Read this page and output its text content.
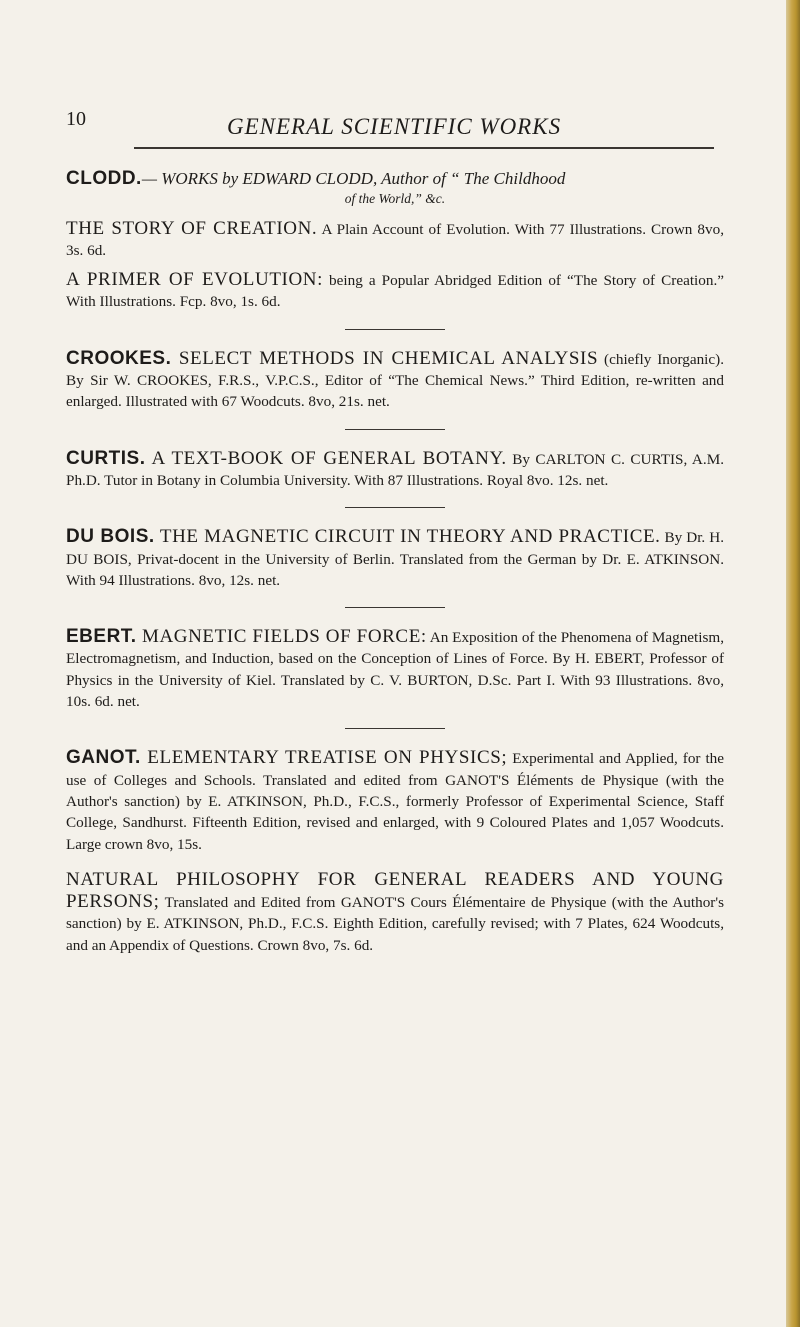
10	GENERAL SCIENTIFIC WORKS

CLODD.— WORKS by EDWARD CLODD, Author of “ The Childhood

of the World,” &c.

THE STORY OF CREATION. A Plain Account of Evolution. With 77 Illustrations. Crown 8vo, 3s. 6d.

A PRIMER OF EVOLUTION: being a Popular Abridged Edition of “The Story of Creation.” With Illustrations. Fcp. 8vo, 1s. 6d.

CROOKES. SELECT METHODS IN CHEMICAL ANALYSIS (chiefly Inorganic). By Sir W. CROOKES, F.R.S., V.P.C.S., Editor of “The Chemical News.” Third Edition, re-written and enlarged. Illustrated with 67 Woodcuts. 8vo, 21s. net.

CURTIS. A TEXT-BOOK OF GENERAL BOTANY. By CARLTON C. CURTIS, A.M. Ph.D. Tutor in Botany in Columbia University. With 87 Illustrations. Royal 8vo. 12s. net.

DU BOIS. THE MAGNETIC CIRCUIT IN THEORY AND PRACTICE. By Dr. H. DU BOIS, Privat-docent in the University of Berlin. Translated from the German by Dr. E. ATKINSON. With 94 Illustrations. 8vo, 12s. net.

EBERT. MAGNETIC FIELDS OF FORCE: An Exposition of the Phenomena of Magnetism, Electromagnetism, and Induction, based on the Conception of Lines of Force. By H. EBERT, Professor of Physics in the University of Kiel. Translated by C. V. BURTON, D.Sc. Part I. With 93 Illustrations. 8vo, 10s. 6d. net.

GANOT. ELEMENTARY TREATISE ON PHYSICS; Experimental and Applied, for the use of Colleges and Schools. Translated and edited from GANOT'S Éléments de Physique (with the Author's sanction) by E. ATKINSON, Ph.D., F.C.S., formerly Professor of Experimental Science, Staff College, Sandhurst. Fifteenth Edition, revised and enlarged, with 9 Coloured Plates and 1,057 Woodcuts. Large crown 8vo, 15s.

NATURAL PHILOSOPHY FOR GENERAL READERS AND YOUNG PERSONS; Translated and Edited from GANOT'S Cours Élémentaire de Physique (with the Author's sanction) by E. ATKINSON, Ph.D., F.C.S. Eighth Edition, carefully revised; with 7 Plates, 624 Woodcuts, and an Appendix of Questions. Crown 8vo, 7s. 6d.
